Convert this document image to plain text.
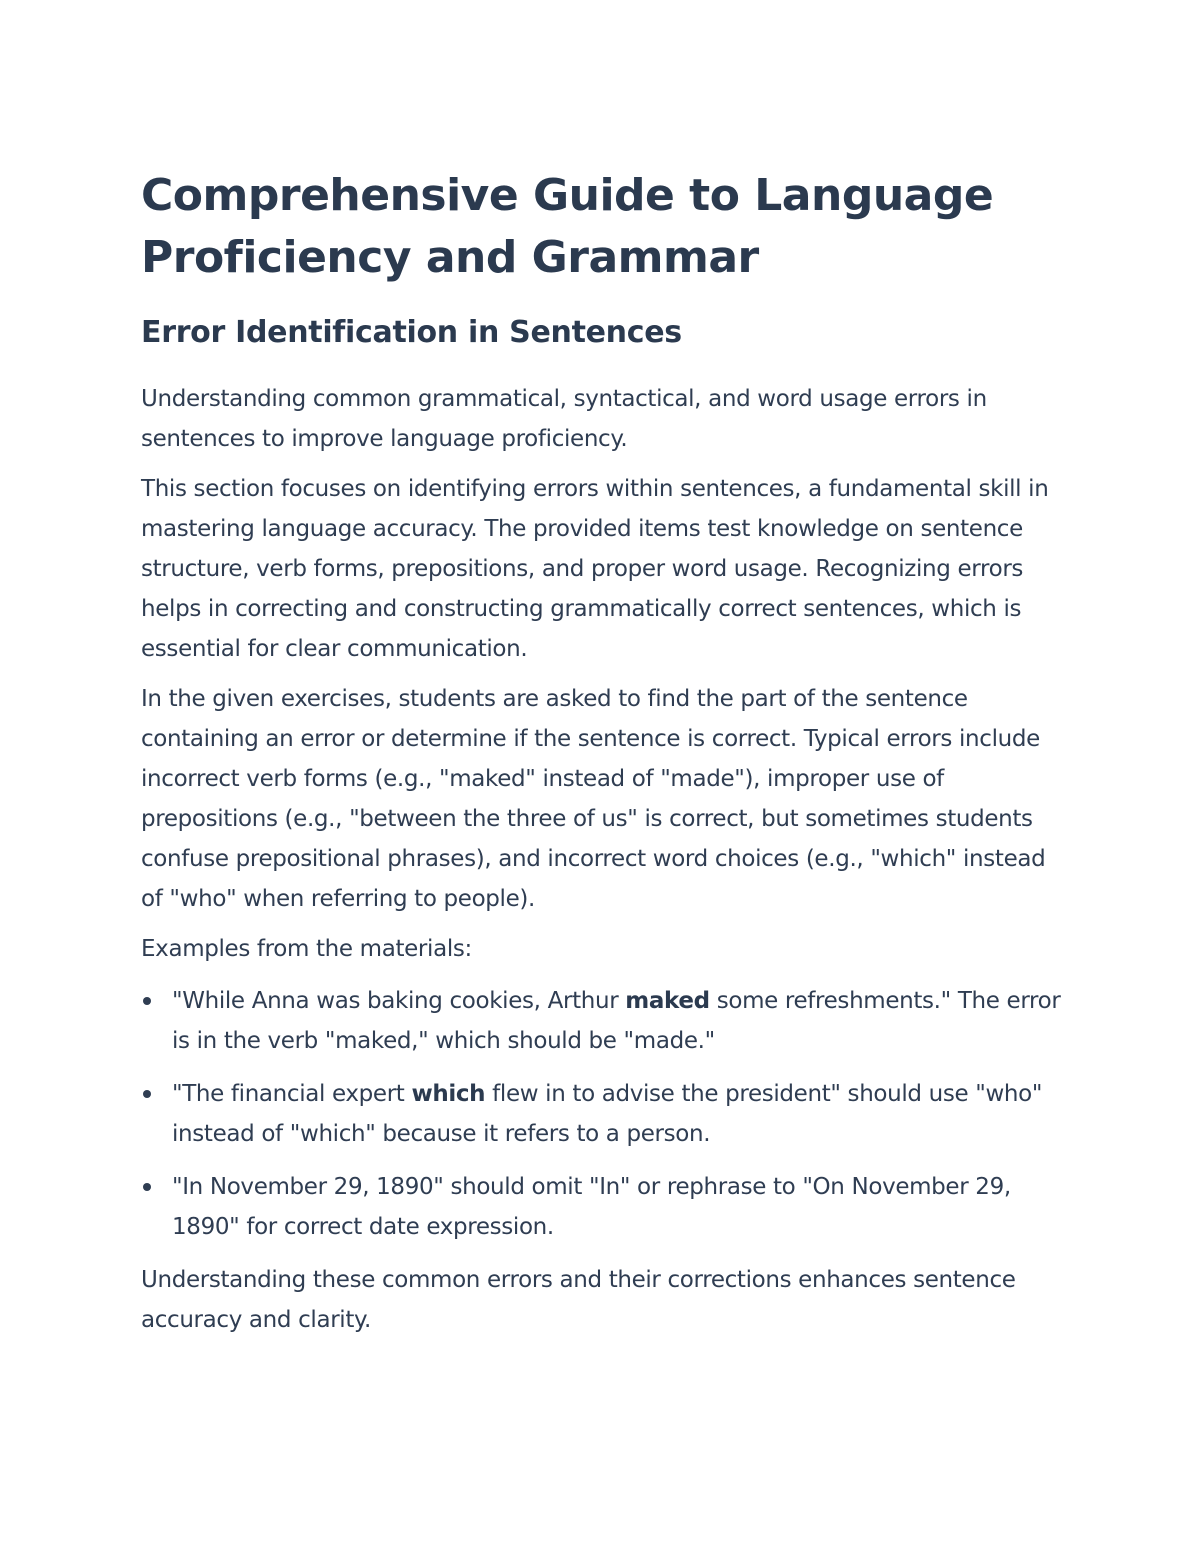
Comprehensive Guide to Language Proficiency and Grammar
Error Identification in Sentences

Understanding common grammatical, syntactical, and word usage errors in sentences to improve language proficiency.

This section focuses on identifying errors within sentences, a fundamental skill in mastering language accuracy. The provided items test knowledge on sentence structure, verb forms, prepositions, and proper word usage. Recognizing errors helps in correcting and constructing grammatically correct sentences, which is essential for clear communication.

In the given exercises, students are asked to find the part of the sentence containing an error or determine if the sentence is correct. Typical errors include incorrect verb forms (e.g., "maked" instead of "made"), improper use of prepositions (e.g., "between the three of us" is correct, but sometimes students confuse prepositional phrases), and incorrect word choices (e.g., "which" instead of "who" when referring to people).

Examples from the materials:

"While Anna was baking cookies, Arthur maked some refreshments." The error is in the verb "maked," which should be "made."
"The financial expert which flew in to advise the president" should use "who" instead of "which" because it refers to a person.
"In November 29, 1890" should omit "In" or rephrase to "On November 29, 1890" for correct date expression.

Understanding these common errors and their corrections enhances sentence accuracy and clarity.
